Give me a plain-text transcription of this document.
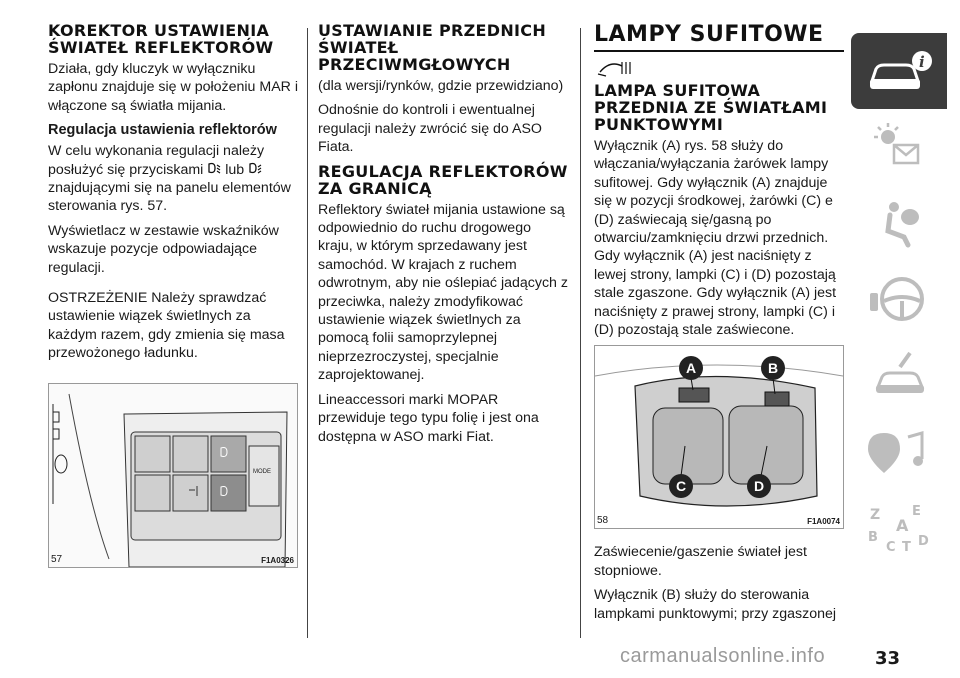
KOREKTOR USTAWIENIA ŚWIATEŁ REFLEKTORÓW

Działa, gdy kluczyk w wyłączniku zapłonu znajduje się w położeniu MAR i włączone są światła mijania.

Regulacja ustawienia reflektorów

W celu wykonania regulacji należy posłużyć się przyciskami lub  znajdującymi się na panelu elementów sterowania rys. 57.

Wyświetlacz w zestawie wskaźników wskazuje pozycje odpowiadające regulacji.

OSTRZEŻENIE Należy sprawdzać ustawienie wiązek świetlnych za każdym razem, gdy zmienia się masa przewożonego ładunku.

MODE
57	F1A0326
USTAWIANIE PRZEDNICH ŚWIATEŁ PRZECIWMGŁOWYCH

(dla wersji/rynków, gdzie przewidziano)

Odnośnie do kontroli i ewentualnej regulacji należy zwrócić się do ASO Fiata.

REGULACJA REFLEKTORÓW ZA GRANICĄ

Reflektory świateł mijania ustawione są odpowiednio do ruchu drogowego kraju, w którym sprzedawany jest samochód. W krajach z ruchem odwrotnym, aby nie oślepiać jadących z przeciwka, należy zmodyfikować ustawienie wiązek świetlnych za pomocą folii samoprzylepnej nieprzezroczystej, specjalnie zaprojektowanej.

Lineaccessori marki MOPAR przewiduje tego typu folię i jest ona dostępna w ASO marki Fiat.

LAMPY SUFITOWE
LAMPA SUFITOWA PRZEDNIA ZE ŚWIATŁAMI PUNKTOWYMI

Wyłącznik (A) rys. 58 służy do włączania/wyłączania żarówek lampy sufitowej. Gdy wyłącznik (A) znajduje się w pozycji środkowej, żarówki (C) e (D) zaświecają się/gasną po otwarciu/zamknięciu drzwi przednich. Gdy wyłącznik (A) jest naciśnięty z lewej strony, lampki (C) i (D) pozostają stale zgaszone. Gdy wyłącznik (A) jest naciśnięty z prawej strony, lampki (C) i (D) pozostają stale zaświecone.

A	B
C	D
58	F1A0074

Zaświecenie/gaszenie świateł jest stopniowe.

Wyłącznik (B) służy do sterowania lampkami punktowymi; przy zgaszonej

i
Z E
A
B
C T D
carmanualsonline.info	33
